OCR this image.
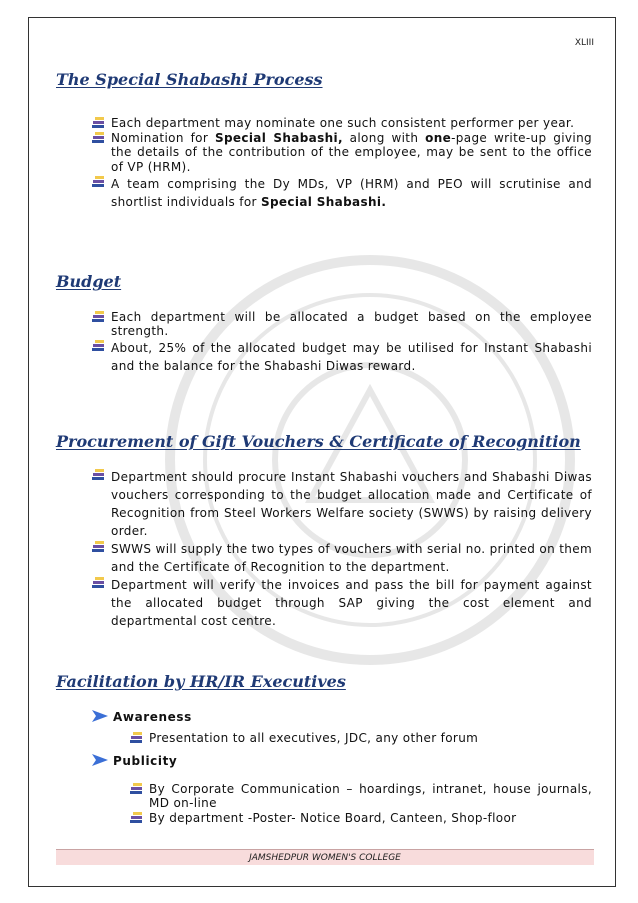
XLIII
The Special Shabashi Process
Each department may nominate one such consistent performer per year.
Nomination for Special Shabashi, along with one-page write-up giving the details of the contribution of the employee, may be sent to the office of VP (HRM).
A team comprising the Dy MDs, VP (HRM) and PEO will scrutinise and shortlist individuals for Special Shabashi.
Budget
Each department will be allocated a budget based on the employee strength.
About, 25% of the allocated budget may be utilised for Instant Shabashi and the balance for the Shabashi Diwas reward.
Procurement of Gift Vouchers & Certificate of Recognition
Department should procure Instant Shabashi vouchers and Shabashi Diwas vouchers corresponding to the budget allocation made and Certificate of Recognition from Steel Workers Welfare society (SWWS) by raising delivery order.
SWWS will supply the two types of vouchers with serial no. printed on them and the Certificate of Recognition to the department.
Department will verify the invoices and pass the bill for payment against the allocated budget through SAP giving the cost element and departmental cost centre.
Facilitation by HR/IR Executives
Awareness
Presentation to all executives, JDC, any other forum
Publicity
By Corporate Communication – hoardings, intranet, house journals, MD on-line
By department -Poster- Notice Board, Canteen, Shop-floor
JAMSHEDPUR WOMEN'S COLLEGE
